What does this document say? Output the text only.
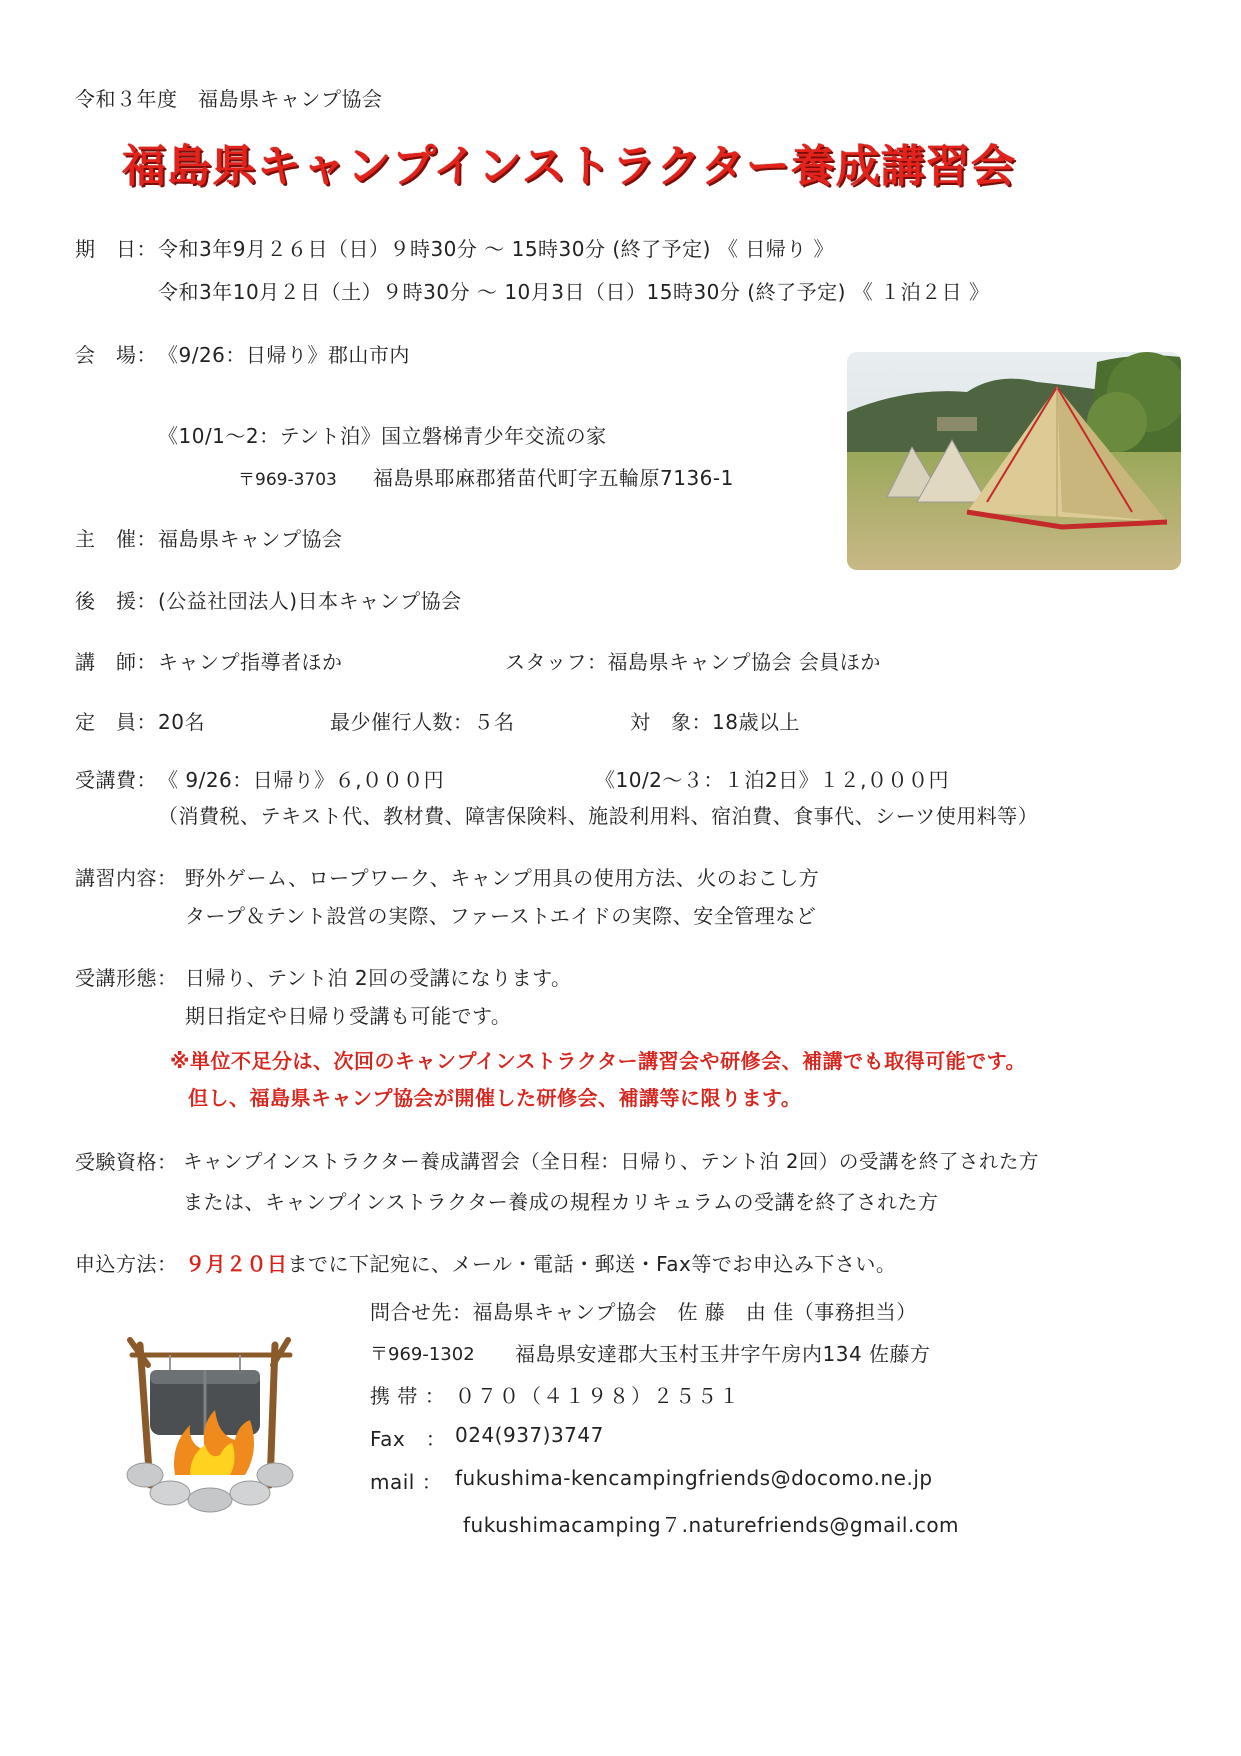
令和３年度　福島県キャンプ協会
福島県キャンプインストラクター養成講習会
期　日： 令和3年9月２６日（日）９時30分 ～ 15時30分 (終了予定) 《 日帰り 》
令和3年10月２日（土）９時30分 ～ 10月3日（日）15時30分 (終了予定) 《 １泊２日 》
会　場： 《9/26：日帰り》郡山市内
《10/1～2：テント泊》国立磐梯青少年交流の家
〒969-3703 福島県耶麻郡猪苗代町字五輪原7136-1
主　催： 福島県キャンプ協会
後　援： (公益社団法人)日本キャンプ協会
講　師： キャンプ指導者ほか	スタッフ：福島県キャンプ協会 会員ほか
定　員： 20名	最少催行人数：５名	対　象：18歳以上
受講費： 《 9/26：日帰り》６,０００円	《10/2～３：１泊2日》１２,０００円
（消費税、テキスト代、教材費、障害保険料、施設利用料、宿泊費、食事代、シーツ使用料等）
講習内容： 野外ゲーム、ロープワーク、キャンプ用具の使用方法、火のおこし方
タープ＆テント設営の実際、ファーストエイドの実際、安全管理など
受講形態： 日帰り、テント泊 2回の受講になります。
期日指定や日帰り受講も可能です。
※単位不足分は、次回のキャンプインストラクター講習会や研修会、補講でも取得可能です。
但し、福島県キャンプ協会が開催した研修会、補講等に限ります。
受験資格： キャンプインストラクター養成講習会（全日程：日帰り、テント泊 2回）の受講を終了された方
または、キャンプインストラクター養成の規程カリキュラムの受講を終了された方
申込方法： ９月２０日までに下記宛に、メール・電話・郵送・Fax等でお申込み下さい。
問合せ先：福島県キャンプ協会　佐 藤　由 佳（事務担当）
〒969-1302 福島県安達郡大玉村玉井字午房内134 佐藤方
携 帯 ： ０７０（４１９８）２５５１
Fax　： 024(937)3747
mail ： fukushima-kencampingfriends@docomo.ne.jp
fukushimacamping７.naturefriends@gmail.com
